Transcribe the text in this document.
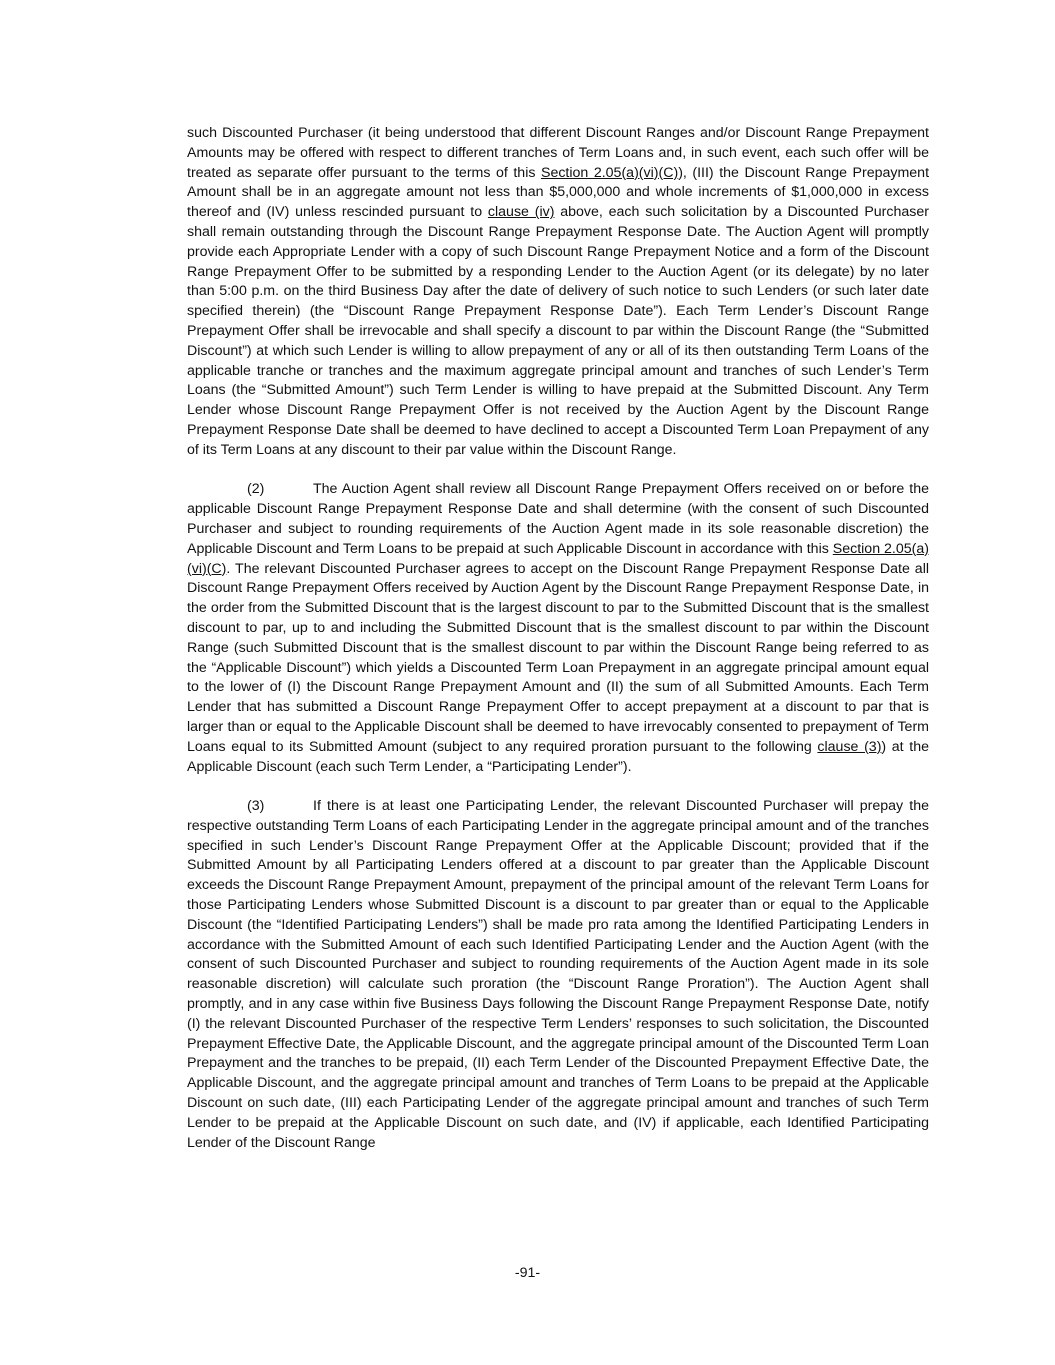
such Discounted Purchaser (it being understood that different Discount Ranges and/or Discount Range Prepayment Amounts may be offered with respect to different tranches of Term Loans and, in such event, each such offer will be treated as separate offer pursuant to the terms of this Section 2.05(a)(vi)(C)), (III) the Discount Range Prepayment Amount shall be in an aggregate amount not less than $5,000,000 and whole increments of $1,000,000 in excess thereof and (IV) unless rescinded pursuant to clause (iv) above, each such solicitation by a Discounted Purchaser shall remain outstanding through the Discount Range Prepayment Response Date. The Auction Agent will promptly provide each Appropriate Lender with a copy of such Discount Range Prepayment Notice and a form of the Discount Range Prepayment Offer to be submitted by a responding Lender to the Auction Agent (or its delegate) by no later than 5:00 p.m. on the third Business Day after the date of delivery of such notice to such Lenders (or such later date specified therein) (the “Discount Range Prepayment Response Date”). Each Term Lender’s Discount Range Prepayment Offer shall be irrevocable and shall specify a discount to par within the Discount Range (the “Submitted Discount”) at which such Lender is willing to allow prepayment of any or all of its then outstanding Term Loans of the applicable tranche or tranches and the maximum aggregate principal amount and tranches of such Lender’s Term Loans (the “Submitted Amount”) such Term Lender is willing to have prepaid at the Submitted Discount. Any Term Lender whose Discount Range Prepayment Offer is not received by the Auction Agent by the Discount Range Prepayment Response Date shall be deemed to have declined to accept a Discounted Term Loan Prepayment of any of its Term Loans at any discount to their par value within the Discount Range.

(2)	The Auction Agent shall review all Discount Range Prepayment Offers received on or before the applicable Discount Range Prepayment Response Date and shall determine (with the consent of such Discounted Purchaser and subject to rounding requirements of the Auction Agent made in its sole reasonable discretion) the Applicable Discount and Term Loans to be prepaid at such Applicable Discount in accordance with this Section 2.05(a)(vi)(C). The relevant Discounted Purchaser agrees to accept on the Discount Range Prepayment Response Date all Discount Range Prepayment Offers received by Auction Agent by the Discount Range Prepayment Response Date, in the order from the Submitted Discount that is the largest discount to par to the Submitted Discount that is the smallest discount to par, up to and including the Submitted Discount that is the smallest discount to par within the Discount Range (such Submitted Discount that is the smallest discount to par within the Discount Range being referred to as the “Applicable Discount”) which yields a Discounted Term Loan Prepayment in an aggregate principal amount equal to the lower of (I) the Discount Range Prepayment Amount and (II) the sum of all Submitted Amounts. Each Term Lender that has submitted a Discount Range Prepayment Offer to accept prepayment at a discount to par that is larger than or equal to the Applicable Discount shall be deemed to have irrevocably consented to prepayment of Term Loans equal to its Submitted Amount (subject to any required proration pursuant to the following clause (3)) at the Applicable Discount (each such Term Lender, a “Participating Lender”).

(3)	If there is at least one Participating Lender, the relevant Discounted Purchaser will prepay the respective outstanding Term Loans of each Participating Lender in the aggregate principal amount and of the tranches specified in such Lender’s Discount Range Prepayment Offer at the Applicable Discount; provided that if the Submitted Amount by all Participating Lenders offered at a discount to par greater than the Applicable Discount exceeds the Discount Range Prepayment Amount, prepayment of the principal amount of the relevant Term Loans for those Participating Lenders whose Submitted Discount is a discount to par greater than or equal to the Applicable Discount (the “Identified Participating Lenders”) shall be made pro rata among the Identified Participating Lenders in accordance with the Submitted Amount of each such Identified Participating Lender and the Auction Agent (with the consent of such Discounted Purchaser and subject to rounding requirements of the Auction Agent made in its sole reasonable discretion) will calculate such proration (the “Discount Range Proration”). The Auction Agent shall promptly, and in any case within five Business Days following the Discount Range Prepayment Response Date, notify (I) the relevant Discounted Purchaser of the respective Term Lenders’ responses to such solicitation, the Discounted Prepayment Effective Date, the Applicable Discount, and the aggregate principal amount of the Discounted Term Loan Prepayment and the tranches to be prepaid, (II) each Term Lender of the Discounted Prepayment Effective Date, the Applicable Discount, and the aggregate principal amount and tranches of Term Loans to be prepaid at the Applicable Discount on such date, (III) each Participating Lender of the aggregate principal amount and tranches of such Term Lender to be prepaid at the Applicable Discount on such date, and (IV) if applicable, each Identified Participating Lender of the Discount Range

-91-
